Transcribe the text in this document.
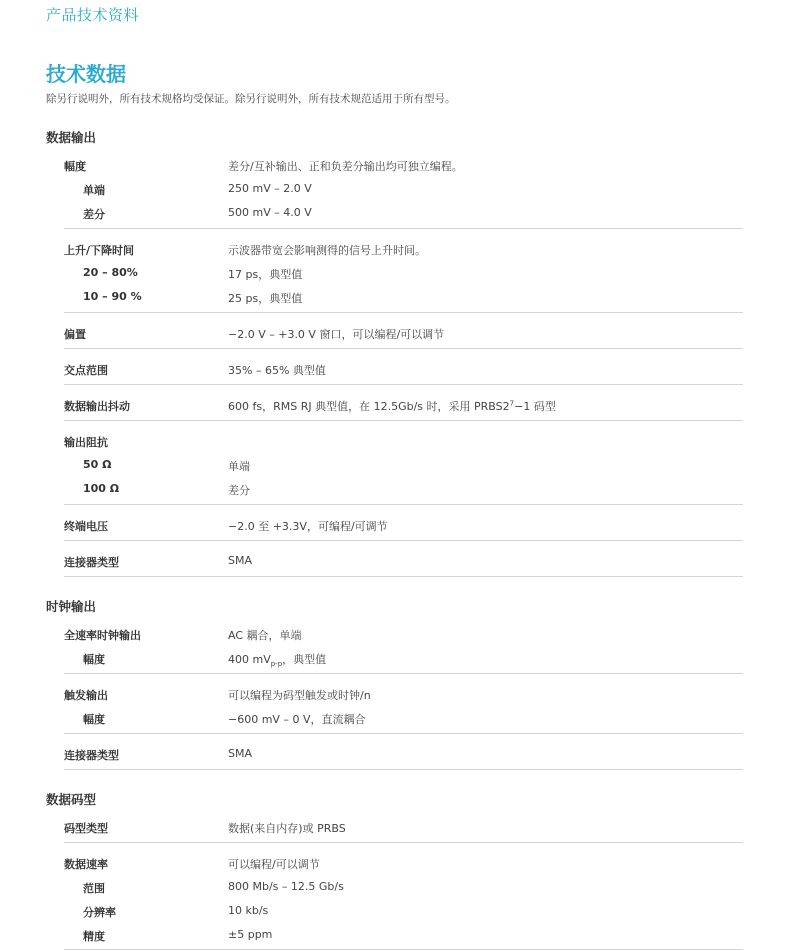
产品技术资料
技术数据
除另行说明外，所有技术规格均受保证。除另行说明外，所有技术规范适用于所有型号。
数据输出
幅度	差分/互补输出、正和负差分输出均可独立编程。
单端	250 mV – 2.0 V
差分	500 mV – 4.0 V
上升/下降时间	示波器带宽会影响测得的信号上升时间。
20 – 80%	17 ps，典型值
10 – 90 %	25 ps，典型值
偏置	−2.0 V – +3.0 V 窗口，可以编程/可以调节
交点范围	35% – 65% 典型值
数据输出抖动	600 fs，RMS RJ 典型值，在 12.5Gb/s 时，采用 $PRBS2^7-1$ 码型
输出阻抗
50 Ω	单端
100 Ω	差分
终端电压	−2.0 至 +3.3V，可编程/可调节
连接器类型	SMA
时钟输出
全速率时钟输出	AC 耦合，单端
幅度	400 $mV_{p-p}$，典型值
触发输出	可以编程为码型触发或时钟/n
幅度	−600 mV – 0 V，直流耦合
连接器类型	SMA
数据码型
码型类型	数据(来自内存)或 PRBS
数据速率	可以编程/可以调节
范围	800 Mb/s – 12.5 Gb/s
分辨率	10 kb/s
精度	±5 ppm
